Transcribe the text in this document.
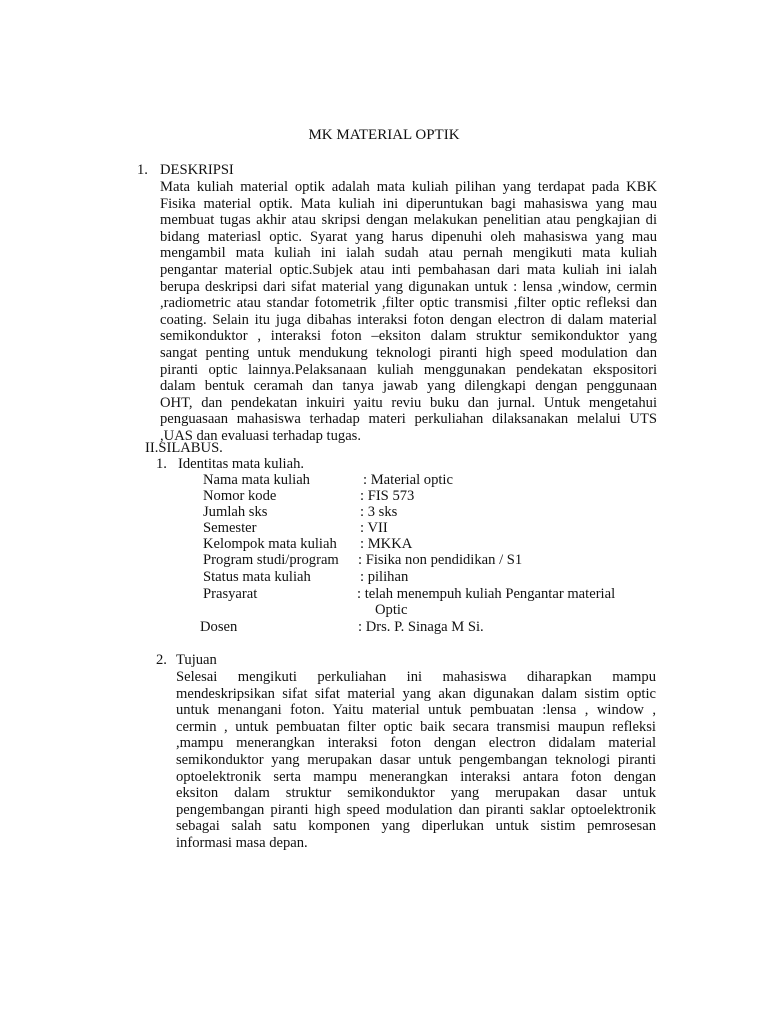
MK MATERIAL OPTIK
1. DESKRIPSI
Mata kuliah material optik adalah mata kuliah pilihan yang terdapat pada KBK
Fisika material optik. Mata kuliah ini diperuntukan bagi mahasiswa yang mau
membuat tugas akhir atau skripsi dengan melakukan penelitian atau pengkajian di
bidang materiasl optic. Syarat yang harus dipenuhi oleh mahasiswa yang mau
mengambil mata kuliah ini ialah sudah atau pernah mengikuti mata kuliah
pengantar material optic.Subjek atau inti pembahasan dari mata kuliah ini ialah
berupa deskripsi dari sifat material yang digunakan untuk : lensa ,window, cermin
,radiometric atau standar fotometrik ,filter optic transmisi ,filter optic refleksi dan
coating. Selain itu juga dibahas interaksi foton dengan electron di dalam material
semikonduktor , interaksi foton –eksiton dalam struktur semikonduktor yang
sangat penting untuk mendukung teknologi piranti high speed modulation dan
piranti optic lainnya.Pelaksanaan kuliah menggunakan pendekatan ekspositori
dalam bentuk ceramah dan tanya jawab yang dilengkapi dengan penggunaan
OHT, dan pendekatan inkuiri yaitu reviu buku dan jurnal. Untuk mengetahui
penguasaan mahasiswa terhadap materi perkuliahan dilaksanakan melalui UTS
,UAS dan evaluasi terhadap tugas.
II.SILABUS.
1. Identitas mata kuliah.
Nama mata kuliah	: Material optic
Nomor kode	: FIS 573
Jumlah sks	: 3 sks
Semester	: VII
Kelompok mata kuliah : MKKA
Program studi/program : Fisika non pendidikan / S1
Status mata kuliah	: pilihan
Prasyarat	: telah menempuh kuliah Pengantar material
Optic
Dosen	: Drs. P. Sinaga M Si.
2. Tujuan
Selesai mengikuti perkuliahan ini mahasiswa diharapkan mampu
mendeskripsikan sifat sifat material yang akan digunakan dalam sistim optic
untuk menangani foton. Yaitu material untuk pembuatan :lensa , window ,
cermin , untuk pembuatan filter optic baik secara transmisi maupun refleksi
,mampu menerangkan interaksi foton dengan electron didalam material
semikonduktor yang merupakan dasar untuk pengembangan teknologi piranti
optoelektronik serta mampu menerangkan interaksi antara foton dengan
eksiton dalam struktur semikonduktor yang merupakan dasar untuk
pengembangan piranti high speed modulation dan piranti saklar optoelektronik
sebagai salah satu komponen yang diperlukan untuk sistim pemrosesan
informasi masa depan.
